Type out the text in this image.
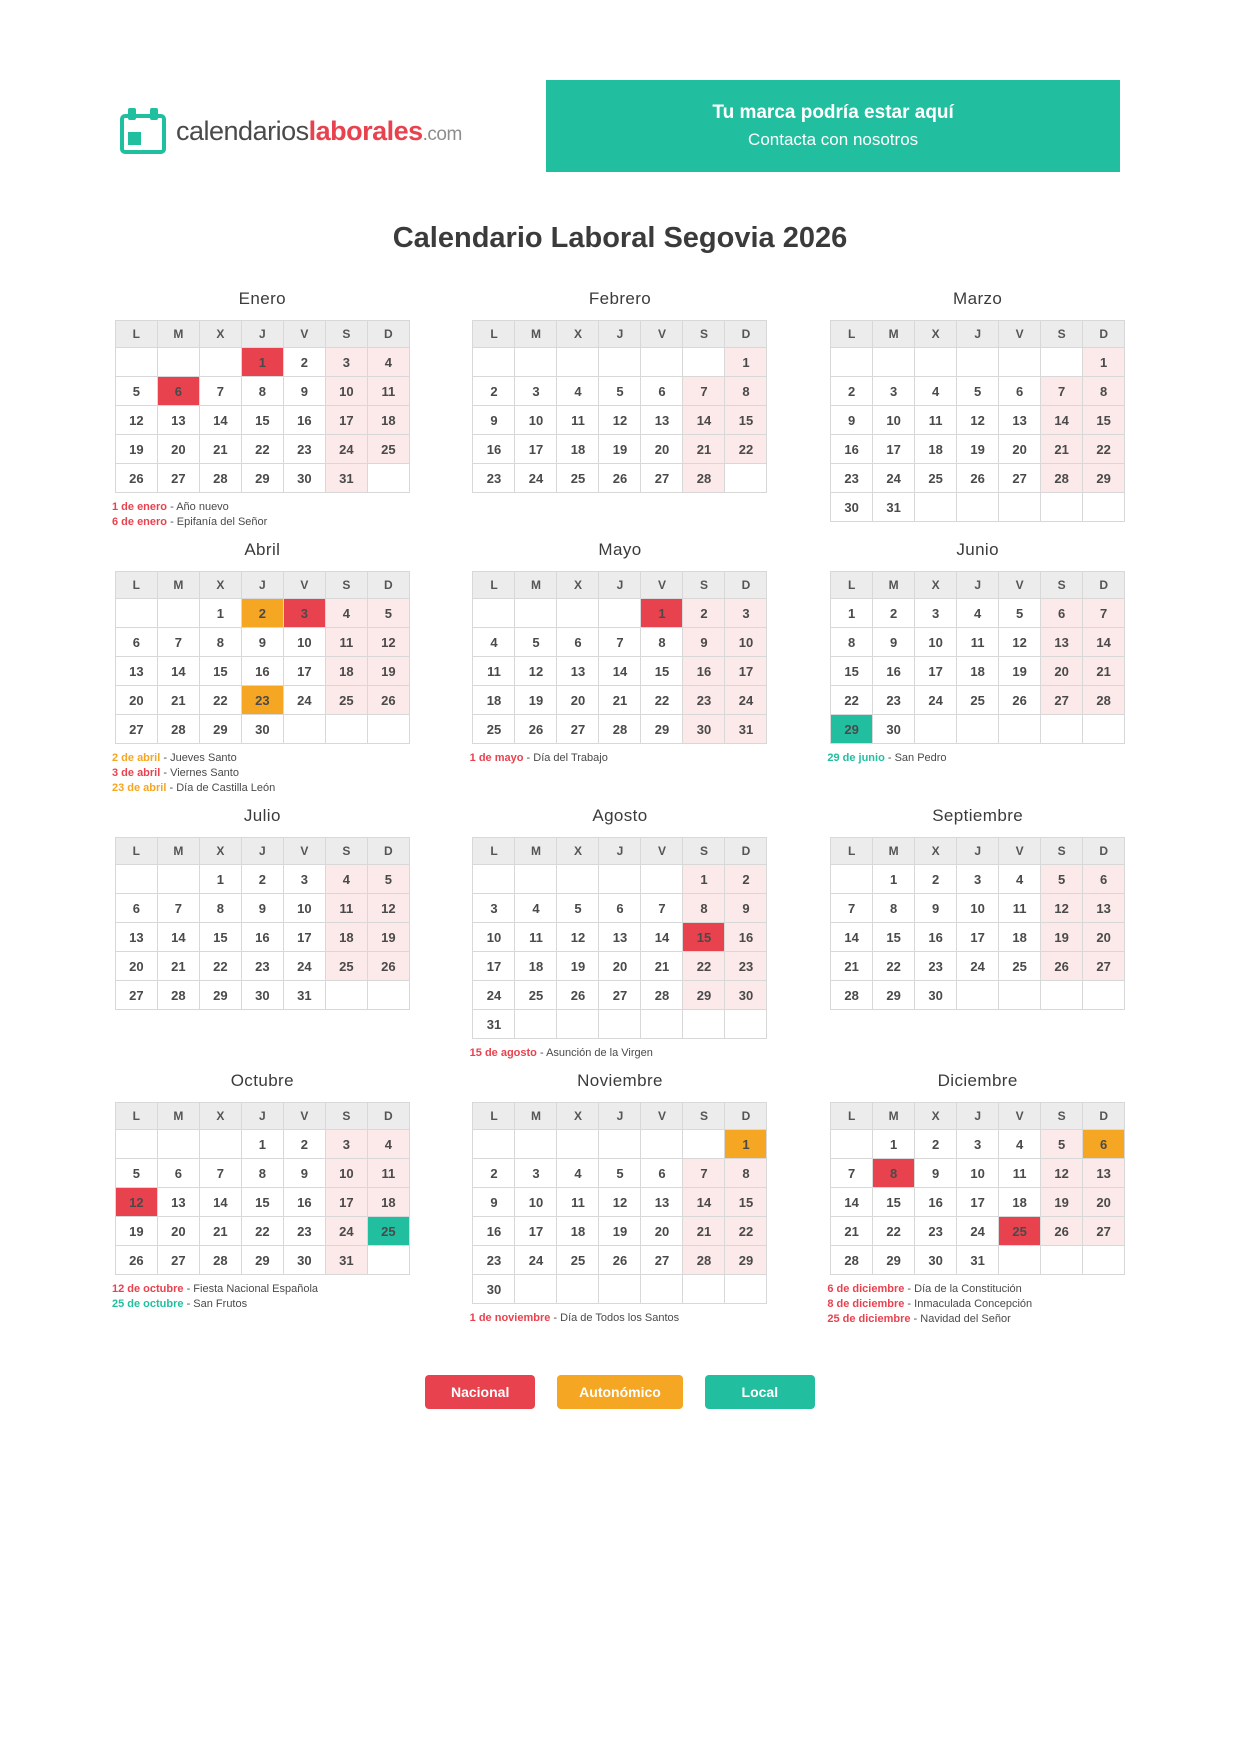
calendarioslaborales.com
Tu marca podría estar aquí
Contacta con nosotros
Calendario Laboral Segovia 2026
Enero
L	M	X	J	V	S	D
			1	2	3	4
5	6	7	8	9	10	11
12	13	14	15	16	17	18
19	20	21	22	23	24	25
26	27	28	29	30	31	
1 de enero - Año nuevo
6 de enero - Epifanía del Señor
Febrero
L	M	X	J	V	S	D
						1
2	3	4	5	6	7	8
9	10	11	12	13	14	15
16	17	18	19	20	21	22
23	24	25	26	27	28	
Marzo
L	M	X	J	V	S	D
						1
2	3	4	5	6	7	8
9	10	11	12	13	14	15
16	17	18	19	20	21	22
23	24	25	26	27	28	29
30	31					
Abril
L	M	X	J	V	S	D
		1	2	3	4	5
6	7	8	9	10	11	12
13	14	15	16	17	18	19
20	21	22	23	24	25	26
27	28	29	30			
2 de abril - Jueves Santo
3 de abril - Viernes Santo
23 de abril - Día de Castilla León
Mayo
L	M	X	J	V	S	D
				1	2	3
4	5	6	7	8	9	10
11	12	13	14	15	16	17
18	19	20	21	22	23	24
25	26	27	28	29	30	31
1 de mayo - Día del Trabajo
Junio
L	M	X	J	V	S	D
1	2	3	4	5	6	7
8	9	10	11	12	13	14
15	16	17	18	19	20	21
22	23	24	25	26	27	28
29	30					
29 de junio - San Pedro
Julio
L	M	X	J	V	S	D
		1	2	3	4	5
6	7	8	9	10	11	12
13	14	15	16	17	18	19
20	21	22	23	24	25	26
27	28	29	30	31		
Agosto
L	M	X	J	V	S	D
					1	2
3	4	5	6	7	8	9
10	11	12	13	14	15	16
17	18	19	20	21	22	23
24	25	26	27	28	29	30
31						
15 de agosto - Asunción de la Virgen
Septiembre
L	M	X	J	V	S	D
	1	2	3	4	5	6
7	8	9	10	11	12	13
14	15	16	17	18	19	20
21	22	23	24	25	26	27
28	29	30				
Octubre
L	M	X	J	V	S	D
			1	2	3	4
5	6	7	8	9	10	11
12	13	14	15	16	17	18
19	20	21	22	23	24	25
26	27	28	29	30	31	
12 de octubre - Fiesta Nacional Española
25 de octubre - San Frutos
Noviembre
L	M	X	J	V	S	D
						1
2	3	4	5	6	7	8
9	10	11	12	13	14	15
16	17	18	19	20	21	22
23	24	25	26	27	28	29
30						
1 de noviembre - Día de Todos los Santos
Diciembre
L	M	X	J	V	S	D
	1	2	3	4	5	6
7	8	9	10	11	12	13
14	15	16	17	18	19	20
21	22	23	24	25	26	27
28	29	30	31			
6 de diciembre - Día de la Constitución
8 de diciembre - Inmaculada Concepción
25 de diciembre - Navidad del Señor
Nacional	Autonómico	Local
